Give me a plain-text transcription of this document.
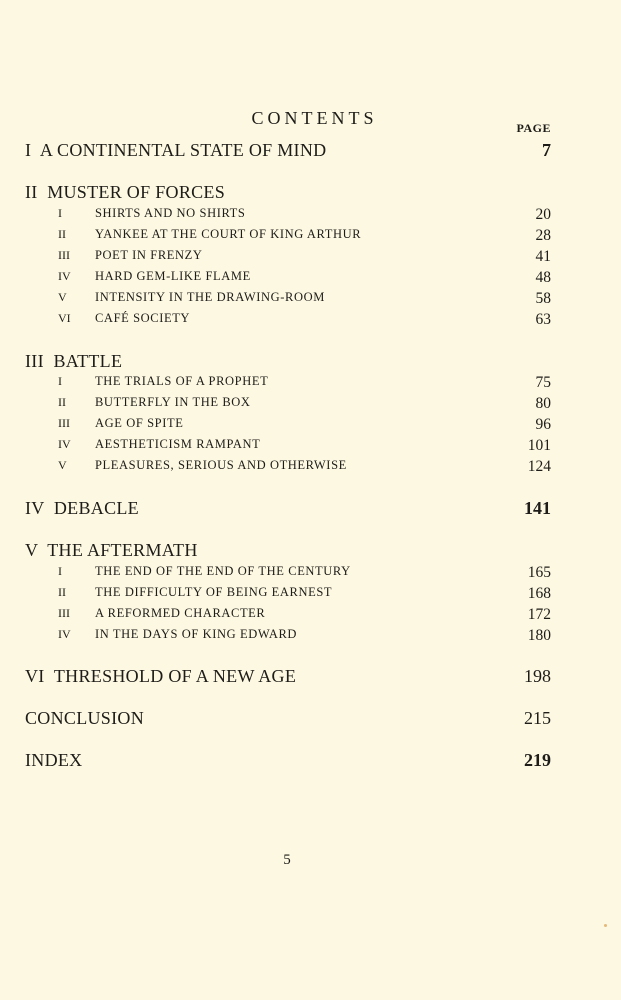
CONTENTS	PAGE
I  A CONTINENTAL STATE OF MIND	7
II  MUSTER OF FORCES
I	SHIRTS AND NO SHIRTS	20
II	YANKEE AT THE COURT OF KING ARTHUR	28
III	POET IN FRENZY	41
IV	HARD GEM-LIKE FLAME	48
V	INTENSITY IN THE DRAWING-ROOM	58
VI	CAFÉ SOCIETY	63
III  BATTLE
I	THE TRIALS OF A PROPHET	75
II	BUTTERFLY IN THE BOX	80
III	AGE OF SPITE	96
IV	AESTHETICISM RAMPANT	101
V	PLEASURES, SERIOUS AND OTHERWISE	124
IV  DEBACLE	141
V  THE AFTERMATH
I	THE END OF THE END OF THE CENTURY	165
II	THE DIFFICULTY OF BEING EARNEST	168
III	A REFORMED CHARACTER	172
IV	IN THE DAYS OF KING EDWARD	180
VI  THRESHOLD OF A NEW AGE	198
CONCLUSION	215
INDEX	219
5
